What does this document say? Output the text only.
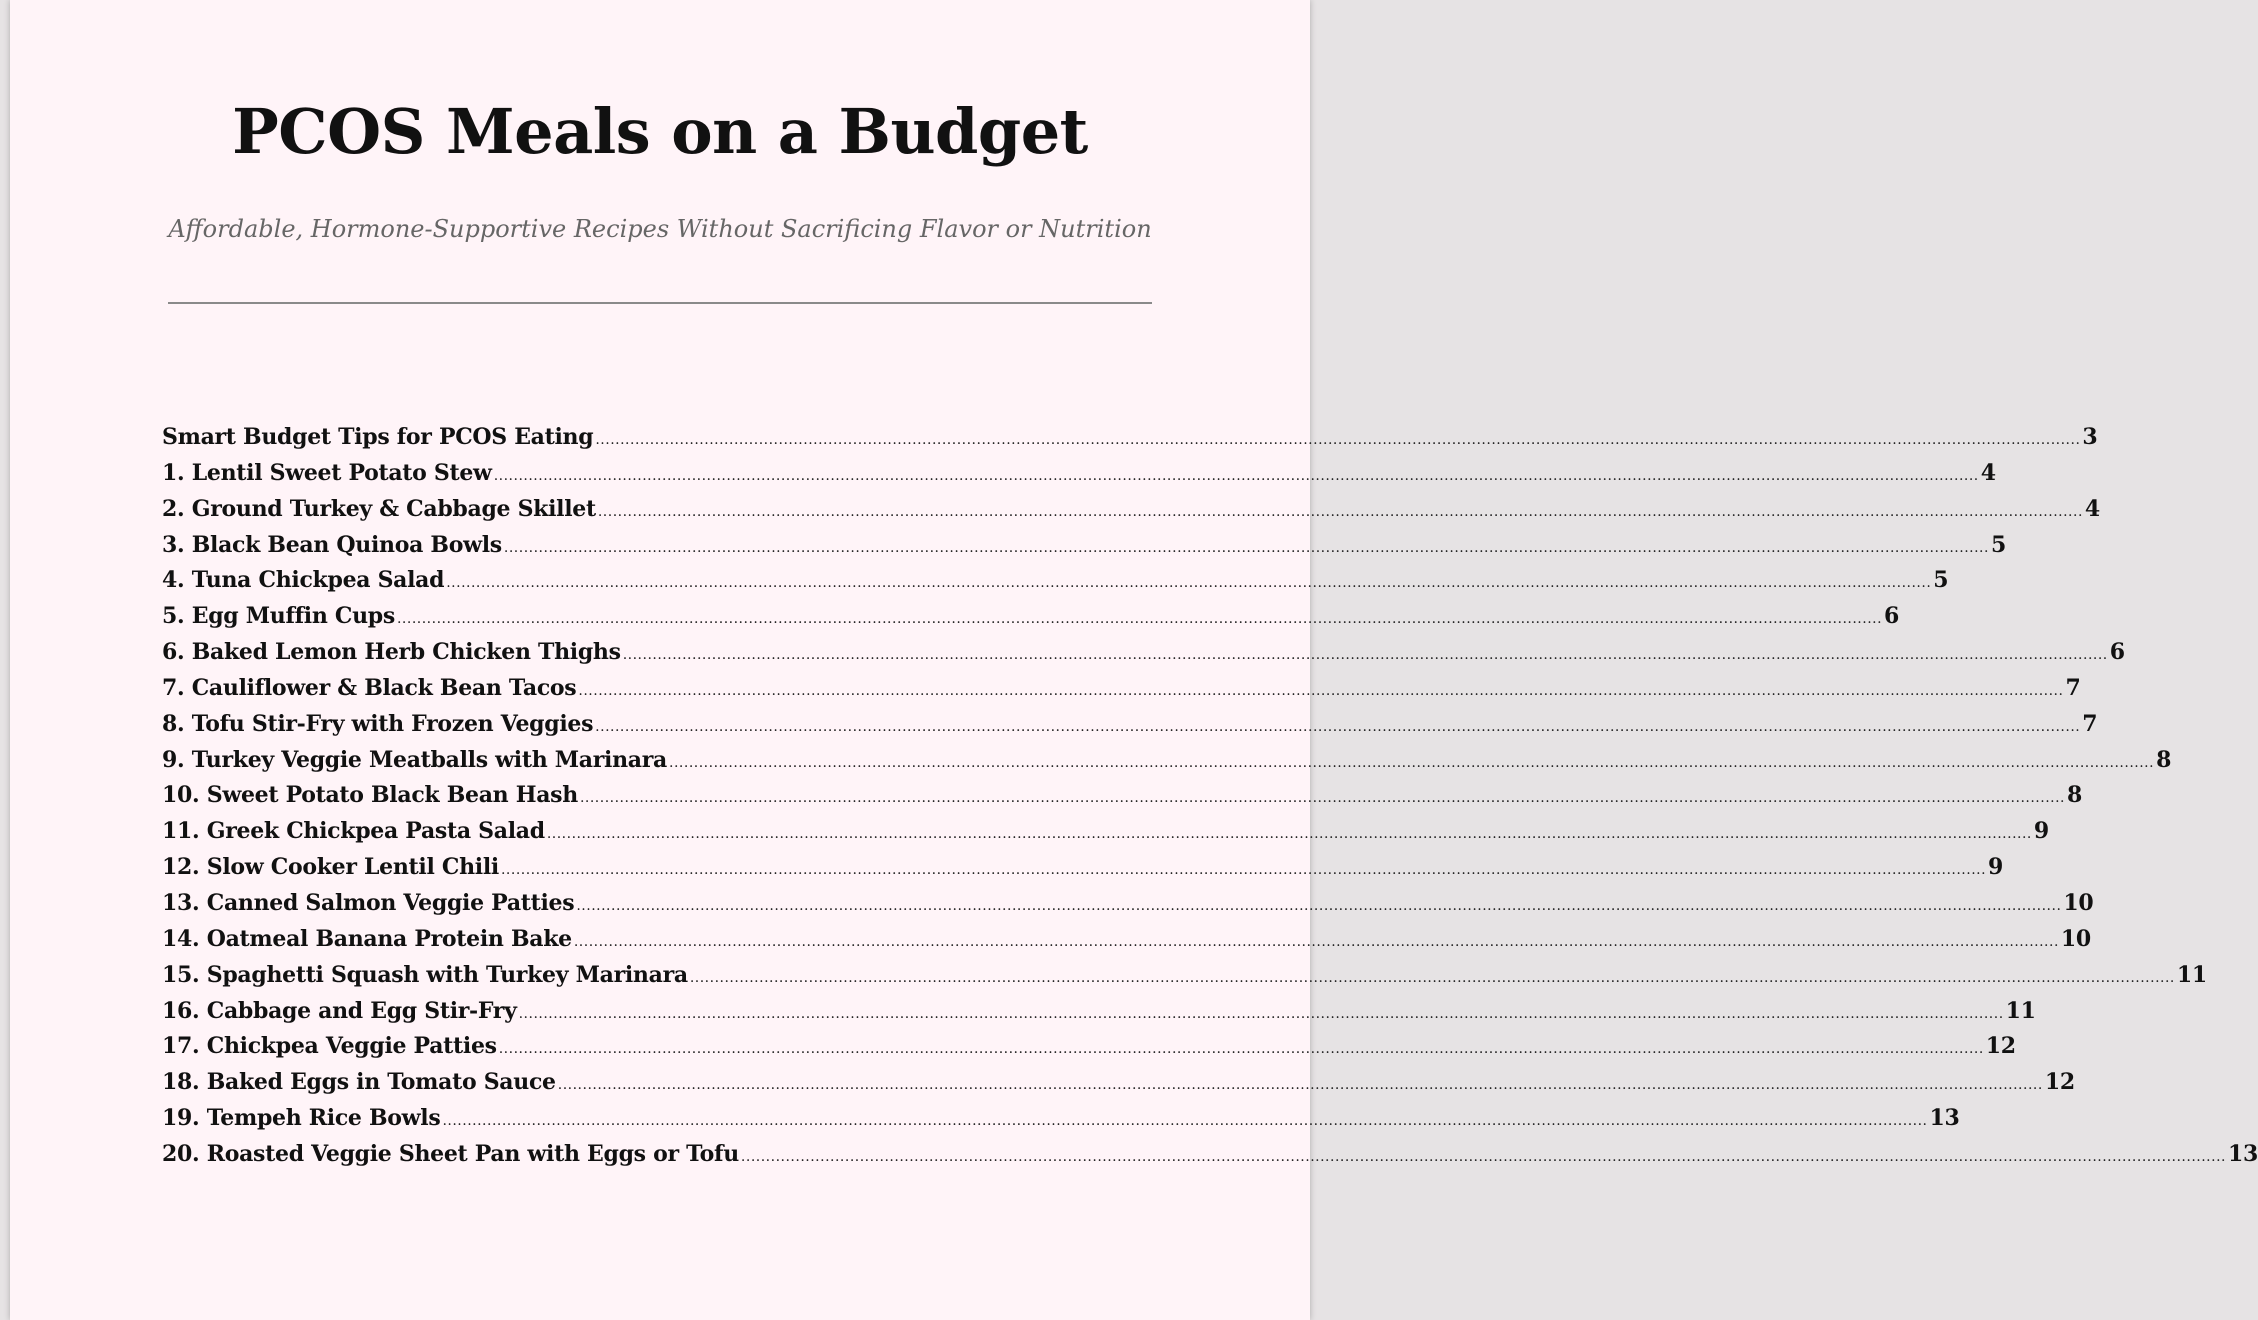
PCOS Meals on a Budget

Affordable, Hormone-Supportive Recipes Without Sacrificing Flavor or Nutrition

Smart Budget Tips for PCOS Eating ............................................................................................................................................................................................................................................................................................................ 3
1. Lentil Sweet Potato Stew ............................................................................................................................................................................................................................................................................................................ 4
2. Ground Turkey & Cabbage Skillet ............................................................................................................................................................................................................................................................................................................ 4
3. Black Bean Quinoa Bowls ............................................................................................................................................................................................................................................................................................................ 5
4. Tuna Chickpea Salad ............................................................................................................................................................................................................................................................................................................ 5
5. Egg Muffin Cups ............................................................................................................................................................................................................................................................................................................ 6
6. Baked Lemon Herb Chicken Thighs ............................................................................................................................................................................................................................................................................................................ 6
7. Cauliflower & Black Bean Tacos ............................................................................................................................................................................................................................................................................................................ 7
8. Tofu Stir-Fry with Frozen Veggies ............................................................................................................................................................................................................................................................................................................ 7
9. Turkey Veggie Meatballs with Marinara ............................................................................................................................................................................................................................................................................................................ 8
10. Sweet Potato Black Bean Hash ............................................................................................................................................................................................................................................................................................................ 8
11. Greek Chickpea Pasta Salad ............................................................................................................................................................................................................................................................................................................ 9
12. Slow Cooker Lentil Chili ............................................................................................................................................................................................................................................................................................................ 9
13. Canned Salmon Veggie Patties ............................................................................................................................................................................................................................................................................................................ 10
14. Oatmeal Banana Protein Bake ............................................................................................................................................................................................................................................................................................................ 10
15. Spaghetti Squash with Turkey Marinara ............................................................................................................................................................................................................................................................................................................ 11
16. Cabbage and Egg Stir-Fry ............................................................................................................................................................................................................................................................................................................ 11
17. Chickpea Veggie Patties ............................................................................................................................................................................................................................................................................................................ 12
18. Baked Eggs in Tomato Sauce ............................................................................................................................................................................................................................................................................................................ 12
19. Tempeh Rice Bowls ............................................................................................................................................................................................................................................................................................................ 13
20. Roasted Veggie Sheet Pan with Eggs or Tofu ............................................................................................................................................................................................................................................................................................................ 13
